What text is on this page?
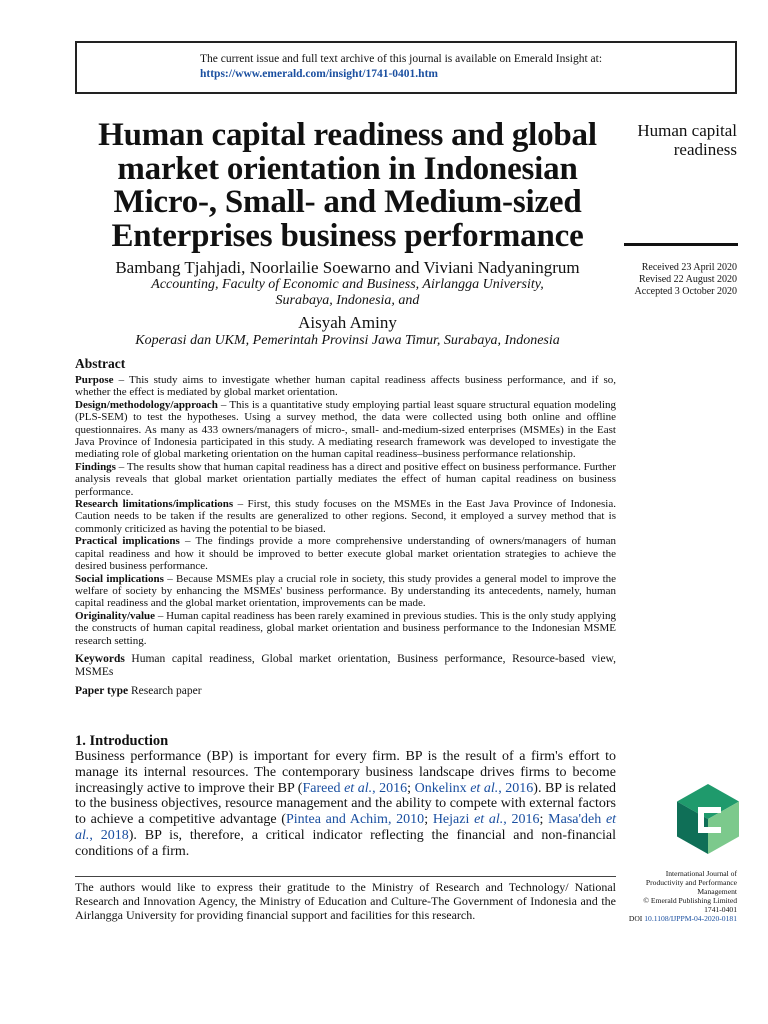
The current issue and full text archive of this journal is available on Emerald Insight at:
https://www.emerald.com/insight/1741-0401.htm
Human capital readiness and global market orientation in Indonesian Micro-, Small- and Medium-sized Enterprises business performance
Human capital readiness
Received 23 April 2020
Revised 22 August 2020
Accepted 3 October 2020
Bambang Tjahjadi, Noorlailie Soewarno and Viviani Nadyaningrum
Accounting, Faculty of Economic and Business, Airlangga University,
Surabaya, Indonesia, and
Aisyah Aminy
Koperasi dan UKM, Pemerintah Provinsi Jawa Timur, Surabaya, Indonesia
Abstract

Purpose – This study aims to investigate whether human capital readiness affects business performance, and if so, whether the effect is mediated by global market orientation.

Design/methodology/approach – This is a quantitative study employing partial least square structural equation modeling (PLS-SEM) to test the hypotheses. Using a survey method, the data were collected using both online and offline questionnaires. As many as 433 owners/managers of micro-, small- and-medium-sized enterprises (MSMEs) in the East Java Province of Indonesia participated in this study. A mediating research framework was developed to investigate the mediating role of global marketing orientation on the human capital readiness–business performance relationship.

Findings – The results show that human capital readiness has a direct and positive effect on business performance. Further analysis reveals that global market orientation partially mediates the effect of human capital readiness on business performance.

Research limitations/implications – First, this study focuses on the MSMEs in the East Java Province of Indonesia. Caution needs to be taken if the results are generalized to other regions. Second, it employed a survey method that is commonly criticized as having the potential to be biased.

Practical implications – The findings provide a more comprehensive understanding of owners/managers of human capital readiness and how it should be improved to better execute global market orientation strategies to achieve the desired business performance.

Social implications – Because MSMEs play a crucial role in society, this study provides a general model to improve the welfare of society by enhancing the MSMEs' business performance. By understanding its antecedents, namely, human capital readiness and the global market orientation, improvements can be made.

Originality/value – Human capital readiness has been rarely examined in previous studies. This is the only study applying the constructs of human capital readiness, global market orientation and business performance to the Indonesian MSME research setting.

Keywords Human capital readiness, Global market orientation, Business performance, Resource-based view, MSMEs

Paper type Research paper

1. Introduction

Business performance (BP) is important for every firm. BP is the result of a firm's effort to manage its internal resources. The contemporary business landscape drives firms to become increasingly active to improve their BP (Fareed et al., 2016; Onkelinx et al., 2016). BP is related to the business objectives, resource management and the ability to compete with external factors to achieve a competitive advantage (Pintea and Achim, 2010; Hejazi et al., 2016; Masa'deh et al., 2018). BP is, therefore, a critical indicator reflecting the financial and non-financial conditions of a firm.

The authors would like to express their gratitude to the Ministry of Research and Technology/ National Research and Innovation Agency, the Ministry of Education and Culture-The Government of Indonesia and the Airlangga University for providing financial support and facilities for this research.
International Journal of
Productivity and Performance
Management
© Emerald Publishing Limited
1741-0401
DOI 10.1108/IJPPM-04-2020-0181
